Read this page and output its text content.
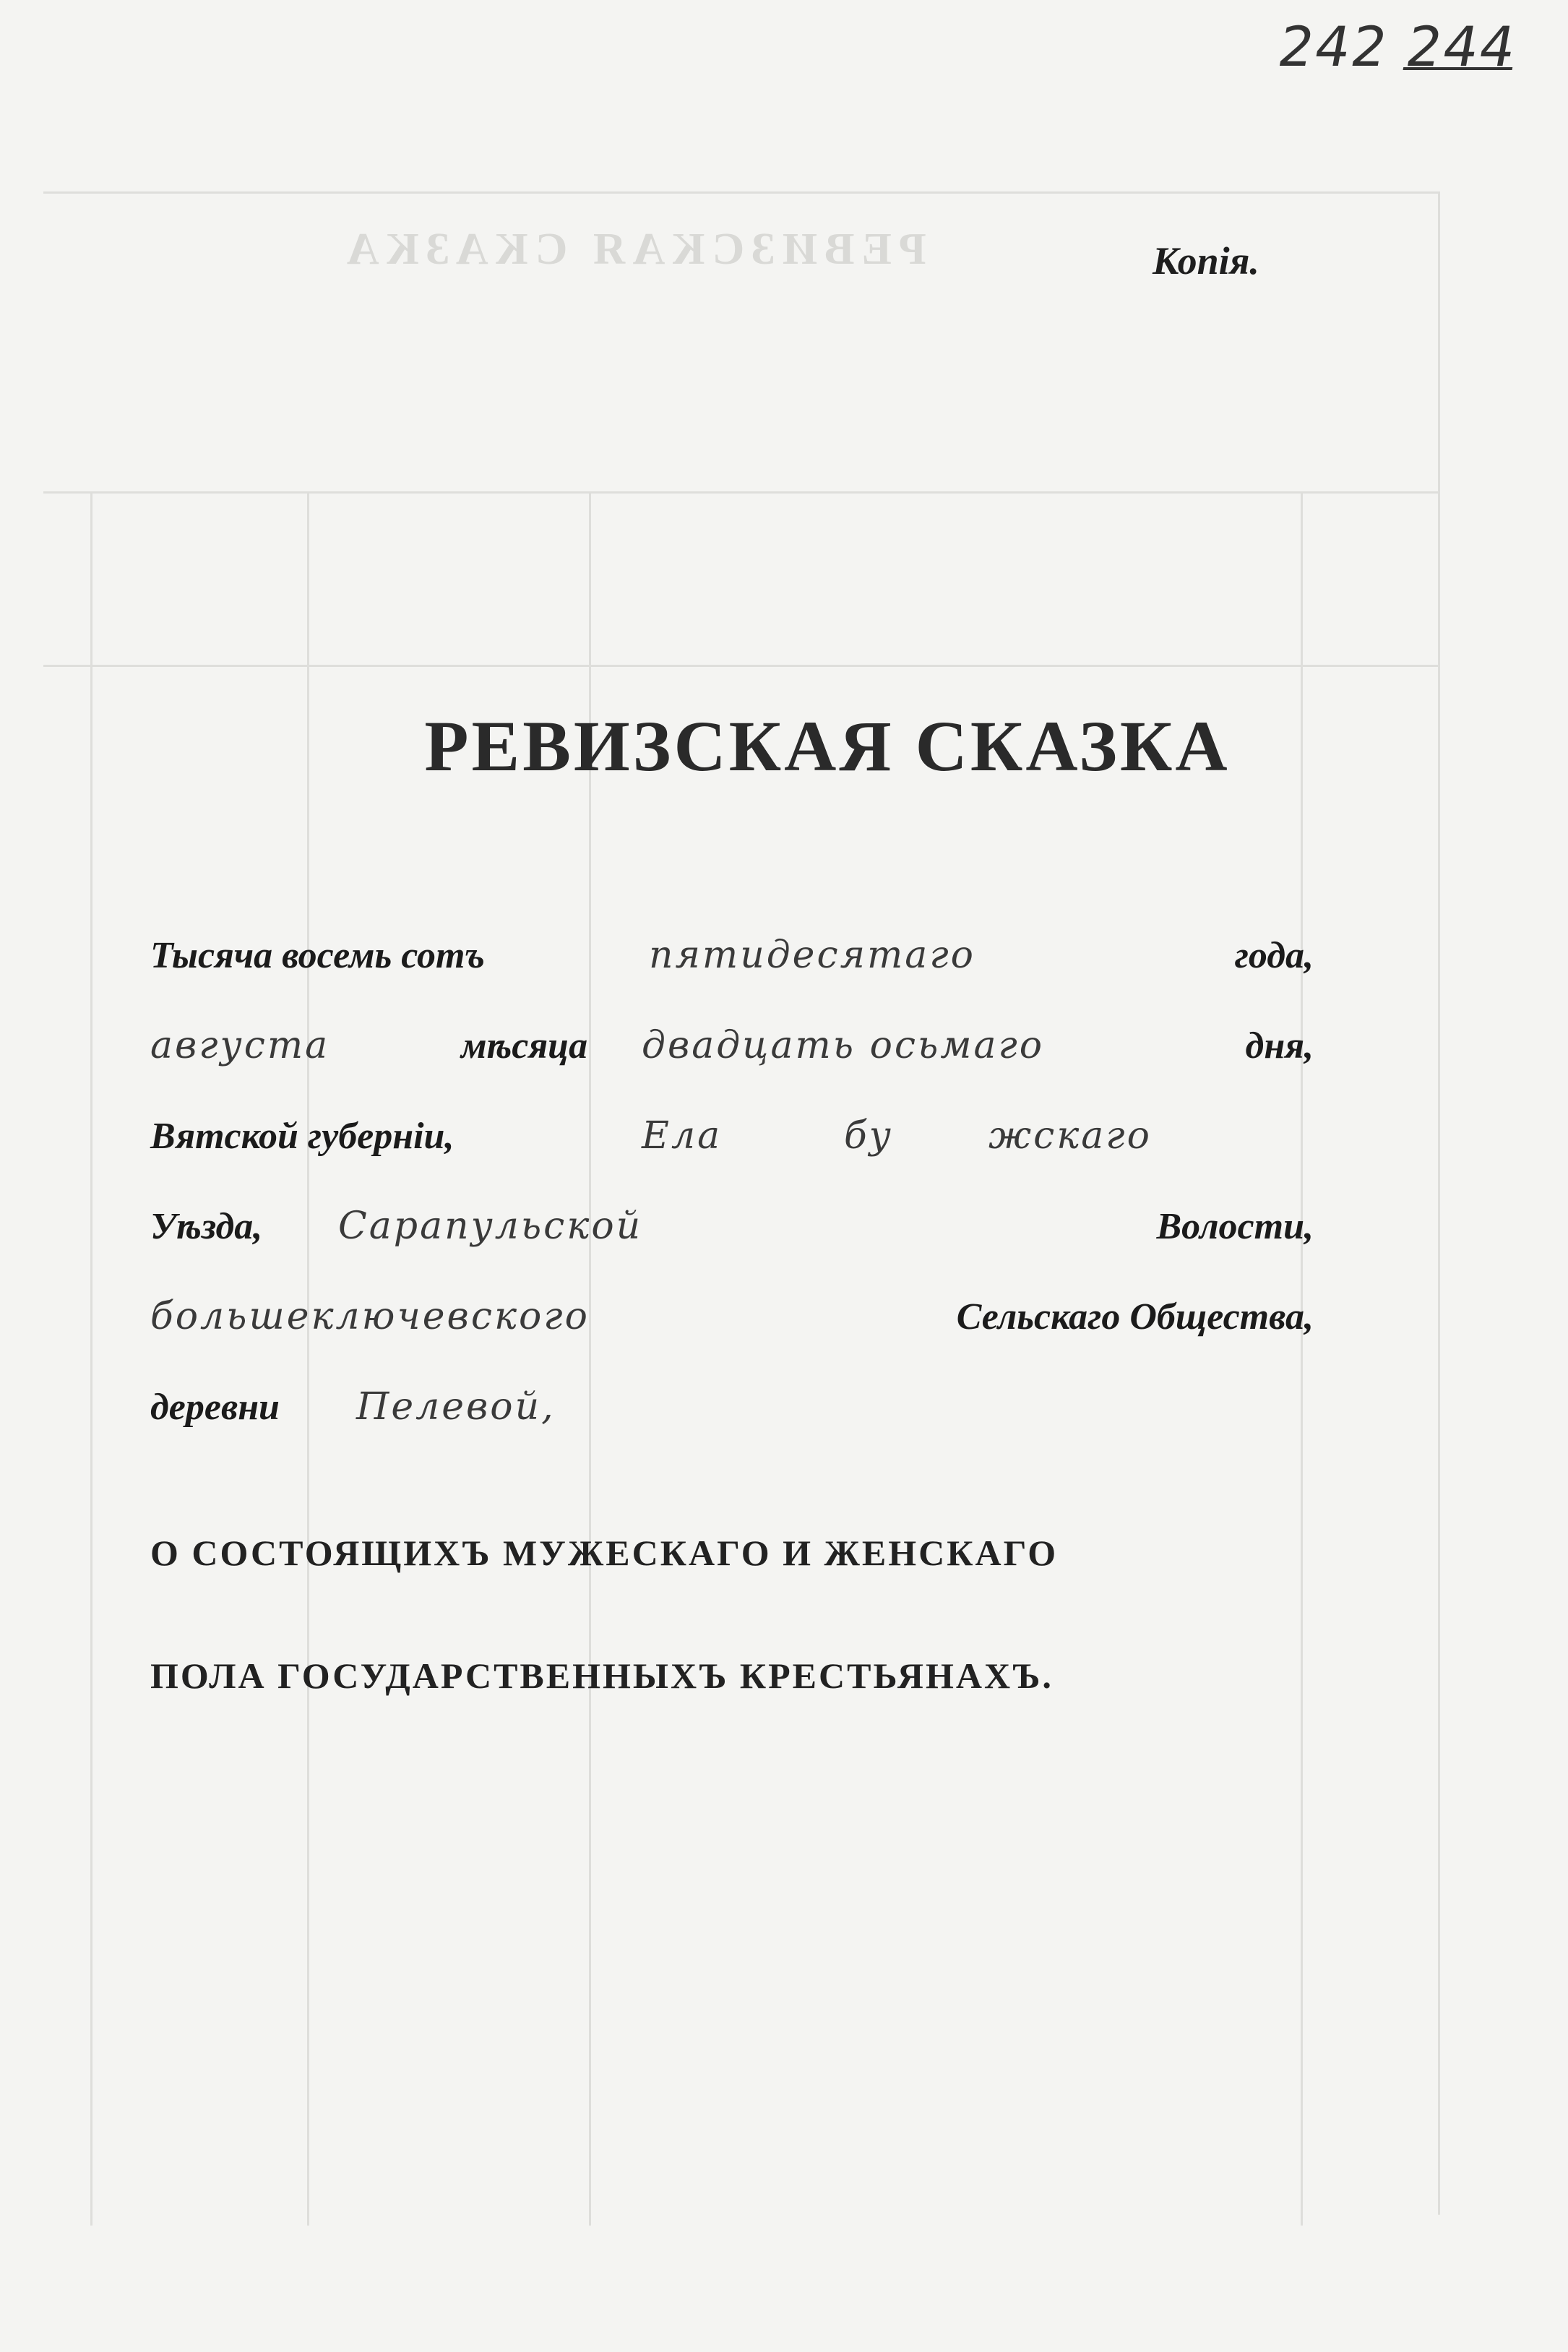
РЕВИЗСКАЯ СКАЗКА
242 244
Копiя.
РЕВИЗСКАЯ СКАЗКА
Тысяча восемь сотъ	пятидесятаго	года,
августа	мѣсяца двадцать осьмаго	дня,
Вятской губернiи,	Ела	бу	жскаго
Уѣзда, Сарапульской	Волости,
большеключевского	Сельскаго Общества,
деревни Пелевой,
О СОСТОЯЩИХЪ МУЖЕСКАГО И ЖЕНСКАГО
ПОЛА ГОСУДАРСТВЕННЫХЪ КРЕСТЬЯНАХЪ.
